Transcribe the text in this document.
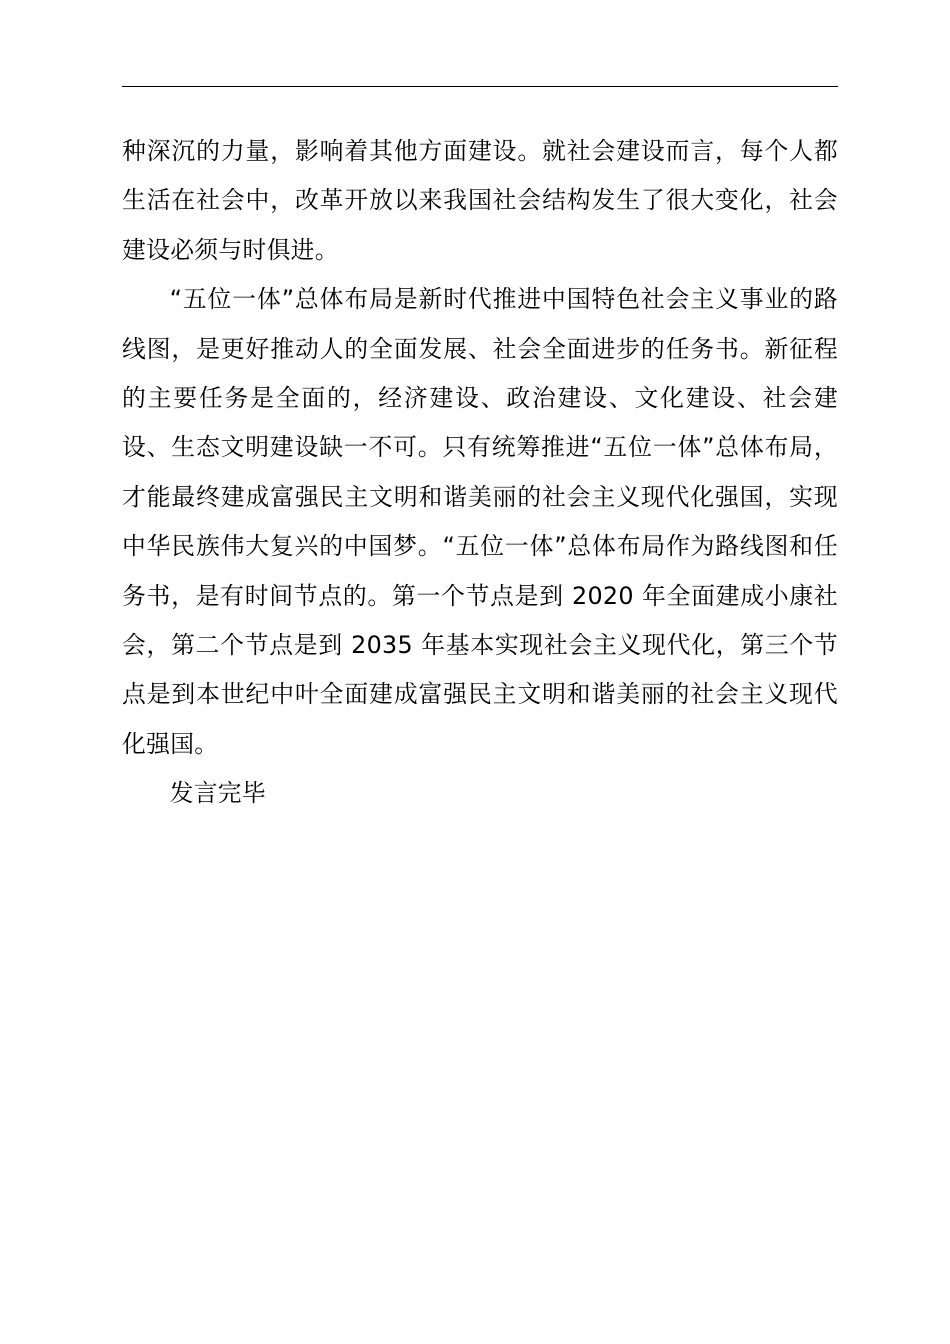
种深沉的力量，影响着其他方面建设。就社会建设而言，每个人都生活在社会中，改革开放以来我国社会结构发生了很大变化，社会建设必须与时俱进。

“五位一体”总体布局是新时代推进中国特色社会主义事业的路线图，是更好推动人的全面发展、社会全面进步的任务书。新征程的主要任务是全面的，经济建设、政治建设、文化建设、社会建设、生态文明建设缺一不可。只有统筹推进“五位一体”总体布局，才能最终建成富强民主文明和谐美丽的社会主义现代化强国，实现中华民族伟大复兴的中国梦。“五位一体”总体布局作为路线图和任务书，是有时间节点的。第一个节点是到 2020 年全面建成小康社会，第二个节点是到 2035 年基本实现社会主义现代化，第三个节点是到本世纪中叶全面建成富强民主文明和谐美丽的社会主义现代化强国。

发言完毕
